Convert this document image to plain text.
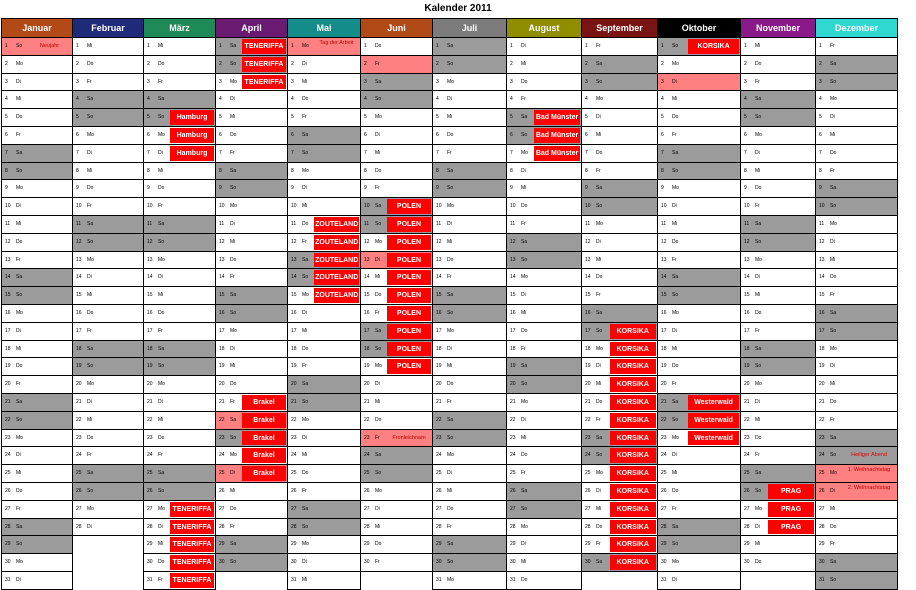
Kalender 2011
Januar	Februar	März	April	Mai	Juni	Juli	August	September	Oktober	November	Dezember

1 So Neujahr	1 Mi	1 Mi	1 Sa TENERIFFA	1 Mo Tag der Arbeit	1 Do	1 Sa	1 Di	1 Fr	1 So KORSIKA	1 Mi	1 Fr

2 Mo	2 Do	2 Do	2 So TENERIFFA	2 Di	2 Fr	2 So	2 Mi	2 Sa	2 Mo	2 Do	2 Sa

3 Di	3 Fr	3 Fr	3 Mo TENERIFFA	3 Mi	3 Sa	3 Mo	3 Do	3 So	3 Di	3 Fr	3 So

4 Mi	4 Sa	4 Sa	4 Di	4 Do	4 So	4 Di	4 Fr	4 Mo	4 Mi	4 Sa	4 Mo

5 Do	5 So	5 So Hamburg	5 Mi	5 Fr	5 Mo	5 Mi	5 Sa Bad Münster	5 Di	5 Do	5 So	5 Di

6 Fr	6 Mo	6 Mo Hamburg	6 Do	6 Sa	6 Di	6 Do	6 So Bad Münster	6 Mi	6 Fr	6 Mo	6 Mi

7 Sa	7 Di	7 Di Hamburg	7 Fr	7 So	7 Mi	7 Fr	7 Mo Bad Münster	7 Do	7 Sa	7 Di	7 Do

8 So	8 Mi	8 Mi	8 Sa	8 Mo	8 Do	8 Sa	8 Di	8 Fr	8 So	8 Mi	8 Fr

9 Mo	9 Do	9 Do	9 So	9 Di	9 Fr	9 So	9 Mi	9 Sa	9 Mo	9 Do	9 Sa

10 Di	10 Fr	10 Fr	10 Mo	10 Mi	10 Sa POLEN	10 Mo	10 Do	10 So	10 Di	10 Fr	10 So

11 Mi	11 Sa	11 Sa	11 Di	11 Do ZOUTELAND	11 So POLEN	11 Di	11 Fr	11 Mo	11 Mi	11 Sa	11 Mo

12 Do	12 So	12 So	12 Mi	12 Fr ZOUTELAND	12 Mo POLEN	12 Mi	12 Sa	12 Di	12 Do	12 So	12 Di

13 Fr	13 Mo	13 Mo	13 Do	13 Sa ZOUTELAND	13 Di POLEN	13 Do	13 So	13 Mi	13 Fr	13 Mo	13 Mi

14 Sa	14 Di	14 Di	14 Fr	14 So ZOUTELAND	14 Mi POLEN	14 Fr	14 Mo	14 Do	14 Sa	14 Di	14 Do

15 So	15 Mi	15 Mi	15 Sa	15 Mo ZOUTELAND	15 Do POLEN	15 Sa	15 Di	15 Fr	15 So	15 Mi	15 Fr

16 Mo	16 Do	16 Do	16 So	16 Di	16 Fr POLEN	16 So	16 Mi	16 Sa	16 Mo	16 Do	16 Sa

17 Di	17 Fr	17 Fr	17 Mo	17 Mi	17 Sa POLEN	17 Mo	17 Do	17 So KORSIKA	17 Di	17 Fr	17 So

18 Mi	18 Sa	18 Sa	18 Di	18 Do	18 So POLEN	18 Di	18 Fr	18 Mo KORSIKA	18 Mi	18 Sa	18 Mo

19 Do	19 So	19 So	19 Mi	19 Fr	19 Mo POLEN	19 Mi	19 Sa	19 Di KORSIKA	19 Do	19 So	19 Di

20 Fr	20 Mo	20 Mo	20 Do	20 Sa	20 Di	20 Do	20 So	20 Mi KORSIKA	20 Fr	20 Mo	20 Mi

21 Sa	21 Di	21 Di	21 Fr Brakel	21 So	21 Mi	21 Fr	21 Mo	21 Do KORSIKA	21 Sa Westerwald	21 Di	21 Do

22 So	22 Mi	22 Mi	22 Sa Brakel	22 Mo	22 Do	22 Sa	22 Di	22 Fr KORSIKA	22 So Westerwald	22 Mi	22 Fr

23 Mo	23 Do	23 Do	23 So Brakel	23 Di	23 Fr Fronleichnam	23 So	23 Mi	23 Sa KORSIKA	23 Mo Westerwald	23 Do	23 Sa

24 Di	24 Fr	24 Fr	24 Mo Brakel	24 Mi	24 Sa	24 Mo	24 Do	24 So KORSIKA	24 Di	24 Fr	24 So Heiliger Abend

25 Mi	25 Sa	25 Sa	25 Di Brakel	25 Do	25 So	25 Di	25 Fr	25 Mo KORSIKA	25 Mi	25 Sa	25 Mo 1. Weihnachtstag

26 Do	26 So	26 So	26 Mi	26 Fr	26 Mo	26 Mi	26 Sa	26 Di KORSIKA	26 Do	26 So PRAG	26 Di 2. Weihnachtstag

27 Fr	27 Mo	27 Mo TENERIFFA	27 Do	27 Sa	27 Di	27 Do	27 So	27 Mi KORSIKA	27 Fr	27 Mo PRAG	27 Mi

28 Sa	28 Di	28 Di TENERIFFA	28 Fr	28 So	28 Mi	28 Fr	28 Mo	28 Do KORSIKA	28 Sa	28 Di PRAG	28 Do

29 So		29 Mi TENERIFFA	29 Sa	29 Mo	29 Do	29 Sa	29 Di	29 Fr KORSIKA	29 So	29 Mi	29 Fr

30 Mo		30 Do TENERIFFA	30 So	30 Di	30 Fr	30 So	30 Mi	30 Sa KORSIKA	30 Mo	30 Do	30 Sa

31 Di		31 Fr TENERIFFA		31 Mi		31 Mo	31 Do		31 Di		31 So
